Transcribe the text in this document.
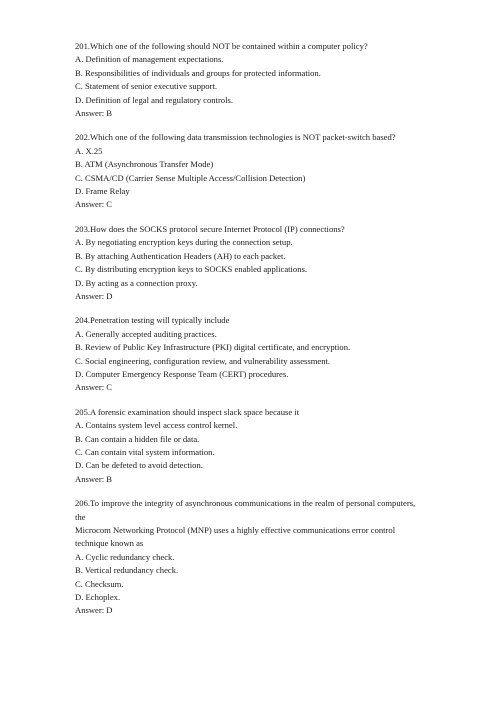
201.Which one of the following should NOT be contained within a computer policy?
A. Definition of management expectations.
B. Responsibilities of individuals and groups for protected information.
C. Statement of senior executive support.
D. Definition of legal and regulatory controls.
Answer: B
202.Which one of the following data transmission technologies is NOT packet-switch based?
A. X.25
B. ATM (Asynchronous Transfer Mode)
C. CSMA/CD (Carrier Sense Multiple Access/Collision Detection)
D. Frame Relay
Answer: C
203.How does the SOCKS protocol secure Internet Protocol (IP) connections?
A. By negotiating encryption keys during the connection setup.
B. By attaching Authentication Headers (AH) to each packet.
C. By distributing encryption keys to SOCKS enabled applications.
D. By acting as a connection proxy.
Answer: D
204.Penetration testing will typically include
A. Generally accepted auditing practices.
B. Review of Public Key Infrastructure (PKI) digital certificate, and encryption.
C. Social engineering, configuration review, and vulnerability assessment.
D. Computer Emergency Response Team (CERT) procedures.
Answer: C
205.A forensic examination should inspect slack space because it
A. Contains system level access control kernel.
B. Can contain a hidden file or data.
C. Can contain vital system information.
D. Can be defeted to avoid detection.
Answer: B
206.To improve the integrity of asynchronous communications in the realm of personal computers,
the
Microcom Networking Protocol (MNP) uses a highly effective communications error control
technique known as
A. Cyclic redundancy check.
B. Vertical redundancy check.
C. Checksum.
D. Echoplex.
Answer: D
